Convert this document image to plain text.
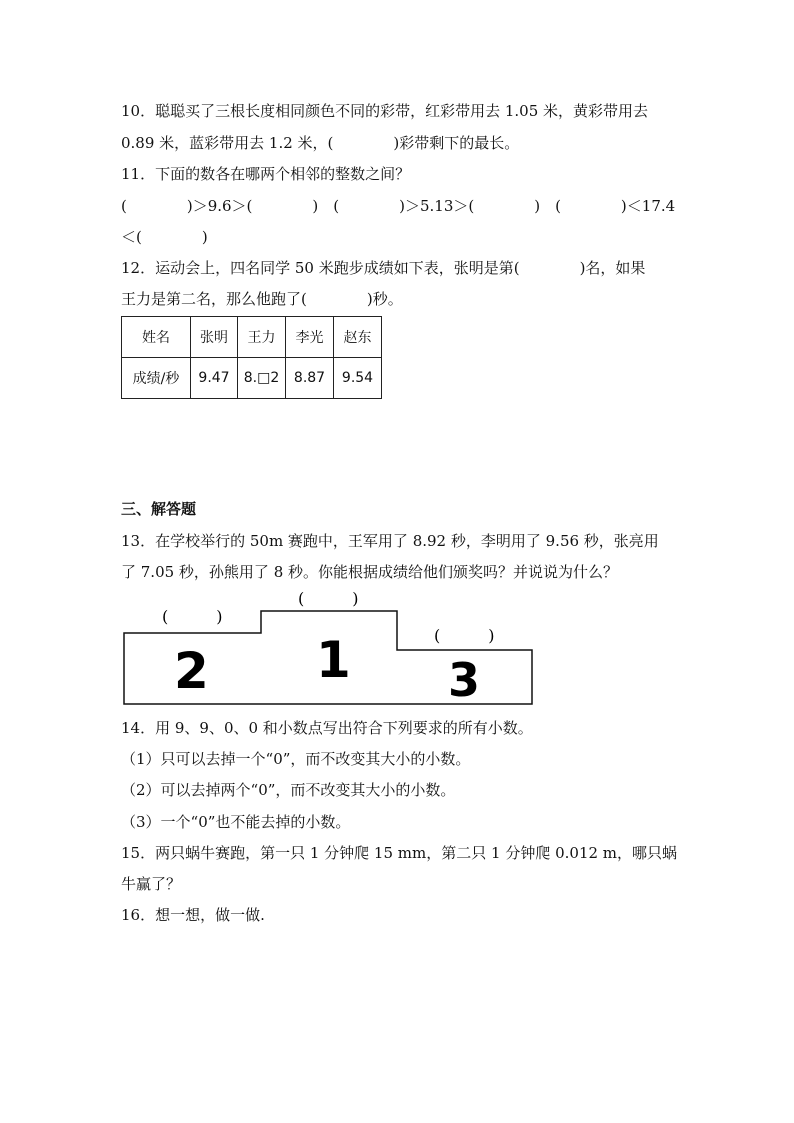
10．聪聪买了三根长度相同颜色不同的彩带，红彩带用去 1.05 米，黄彩带用去
0.89 米，蓝彩带用去 1.2 米，(　　　　)彩带剩下的最长。
11．下面的数各在哪两个相邻的整数之间？
(　　　　)＞9.6＞(　　　　)　(　　　　)＞5.13＞(　　　　)　(　　　　)＜17.4
＜(　　　　)
12．运动会上，四名同学 50 米跑步成绩如下表，张明是第(　　　　)名，如果
王力是第二名，那么他跑了(　　　　)秒。
姓名	张明	王力	李光	赵东
成绩/秒	9.47	8.□2	8.87	9.54
三、解答题
13．在学校举行的 50m 赛跑中，王军用了 8.92 秒，李明用了 9.56 秒，张亮用
了 7.05 秒，孙熊用了 8 秒。你能根据成绩给他们颁奖吗？并说说为什么？
(　　　)
(　　　)
(　　　)
2 1 3
14．用 9、9、0、0 和小数点写出符合下列要求的所有小数。
（1）只可以去掉一个“0”，而不改变其大小的小数。
（2）可以去掉两个“0”，而不改变其大小的小数。
（3）一个“0”也不能去掉的小数。
15．两只蜗牛赛跑，第一只 1 分钟爬 15 mm，第二只 1 分钟爬 0.012 m，哪只蜗
牛赢了？
16．想一想，做一做.
